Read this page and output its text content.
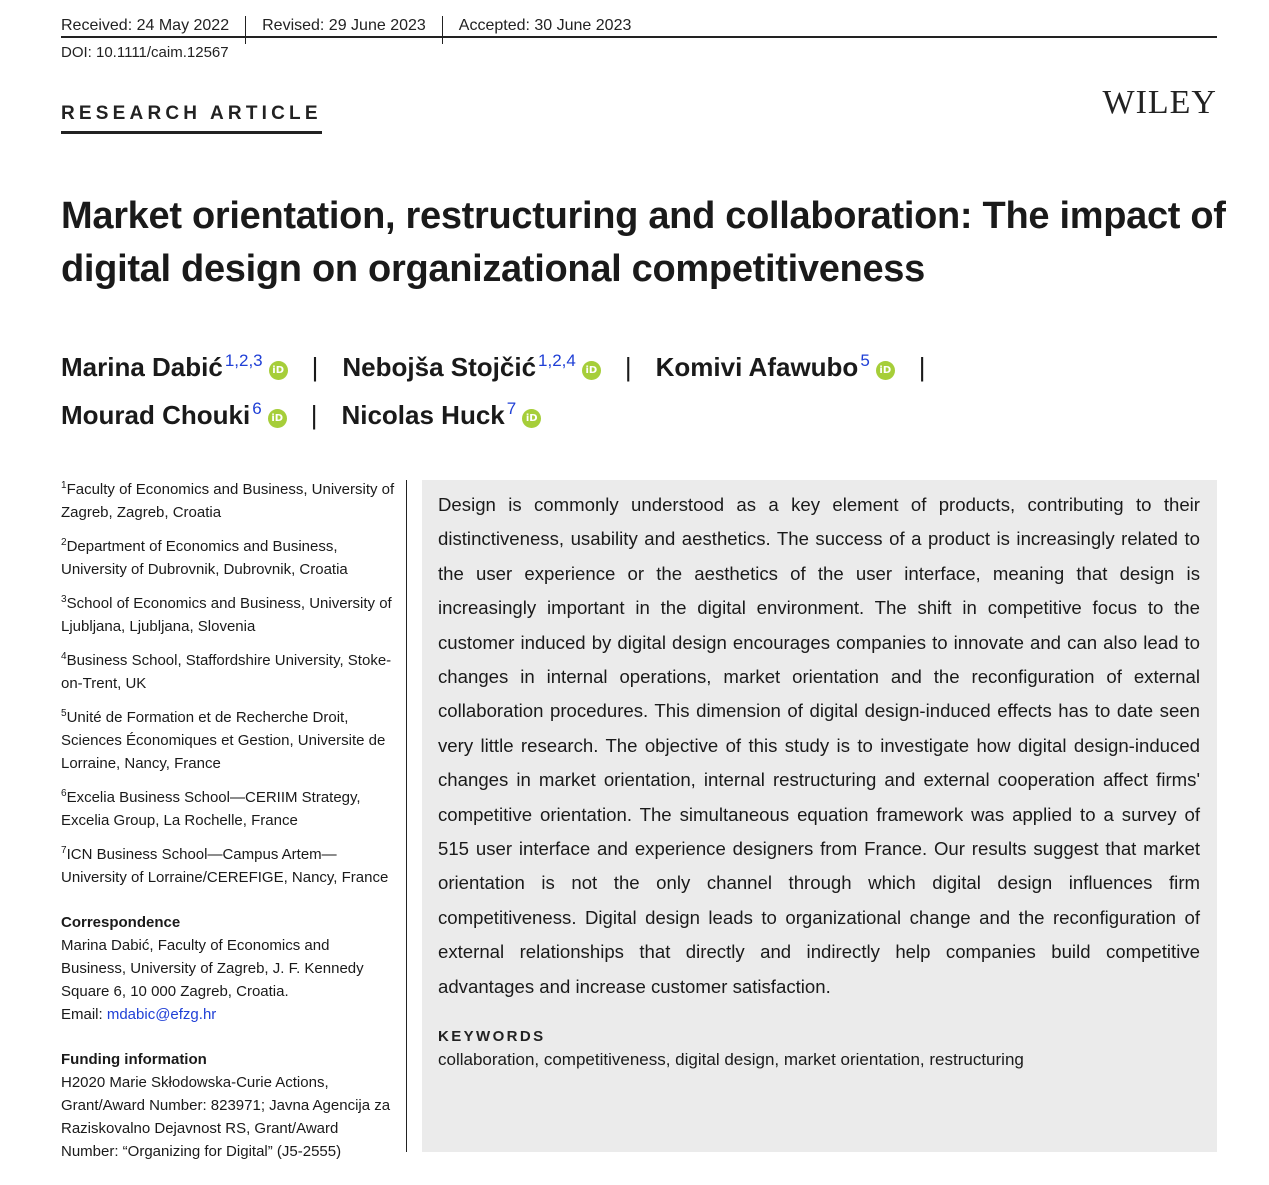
Received: 24 May 2022 Revised: 29 June 2023 Accepted: 30 June 2023
DOI: 10.1111/caim.12567
RESEARCH ARTICLE	WILEY
Market orientation, restructuring and collaboration: The impact of digital design on organizational competitiveness
Marina Dabić $^{1,2,3}$iD | Nebojša Stojčić $^{1,2,4}$iD | Komivi Afawubo $^5$iD |
Mourad Chouki $^6$iD | Nicolas Huck $^7$iD
$^1$Faculty of Economics and Business, University of Zagreb, Zagreb, Croatia
$^2$Department of Economics and Business, University of Dubrovnik, Dubrovnik, Croatia
$^3$School of Economics and Business, University of Ljubljana, Ljubljana, Slovenia
$^4$Business School, Staffordshire University, Stoke-on-Trent, UK
$^5$Unité de Formation et de Recherche Droit, Sciences Économiques et Gestion, Universite de Lorraine, Nancy, France
$^6$Excelia Business School—CERIIM Strategy, Excelia Group, La Rochelle, France
$^7$ICN Business School—Campus Artem—University of Lorraine/CEREFIGE, Nancy, France
Correspondence
Marina Dabić, Faculty of Economics and Business, University of Zagreb, J. F. Kennedy Square 6, 10 000 Zagreb, Croatia.
Email: mdabic@efzg.hr
Funding information
H2020 Marie Skłodowska-Curie Actions, Grant/Award Number: 823971; Javna Agencija za Raziskovalno Dejavnost RS, Grant/Award Number: “Organizing for Digital” (J5-2555)

Design is commonly understood as a key element of products, contributing to their distinctiveness, usability and aesthetics. The success of a product is increasingly related to the user experience or the aesthetics of the user interface, meaning that design is increasingly important in the digital environment. The shift in competitive focus to the customer induced by digital design encourages companies to innovate and can also lead to changes in internal operations, market orientation and the reconfiguration of external collaboration procedures. This dimension of digital design-induced effects has to date seen very little research. The objective of this study is to investigate how digital design-induced changes in market orientation, internal restructuring and external cooperation affect firms' competitive orientation. The simultaneous equation framework was applied to a survey of 515 user interface and experience designers from France. Our results suggest that market orientation is not the only channel through which digital design influences firm competitiveness. Digital design leads to organizational change and the reconfiguration of external relationships that directly and indirectly help companies build competitive advantages and increase customer satisfaction.

KEYWORDS
collaboration, competitiveness, digital design, market orientation, restructuring
